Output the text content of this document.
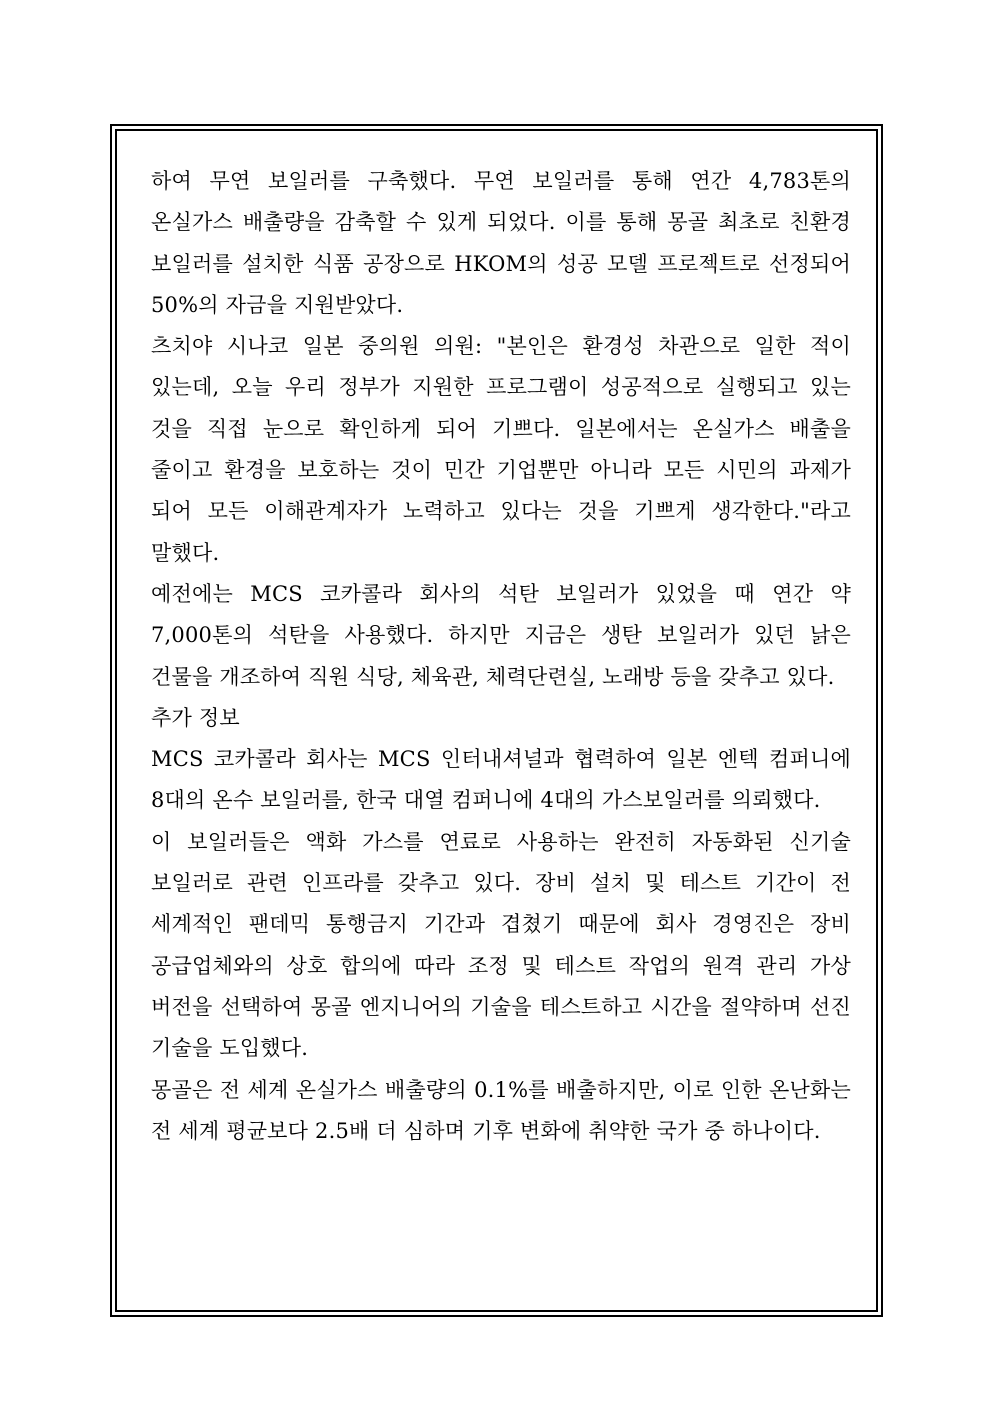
하여 무연 보일러를 구축했다. 무연 보일러를 통해 연간 4,783톤의 온실가스 배출량을 감축할 수 있게 되었다. 이를 통해 몽골 최초로 친환경 보일러를 설치한 식품 공장으로 HKOM의 성공 모델 프로젝트로 선정되어 50%의 자금을 지원받았다.

츠치야 시나코 일본 중의원 의원: "본인은 환경성 차관으로 일한 적이 있는데, 오늘 우리 정부가 지원한 프로그램이 성공적으로 실행되고 있는 것을 직접 눈으로 확인하게 되어 기쁘다. 일본에서는 온실가스 배출을 줄이고 환경을 보호하는 것이 민간 기업뿐만 아니라 모든 시민의 과제가 되어 모든 이해관계자가 노력하고 있다는 것을 기쁘게 생각한다."라고 말했다.

예전에는 MCS 코카콜라 회사의 석탄 보일러가 있었을 때 연간 약 7,000톤의 석탄을 사용했다. 하지만 지금은 생탄 보일러가 있던 낡은 건물을 개조하여 직원 식당, 체육관, 체력단련실, 노래방 등을 갖추고 있다.

추가 정보

MCS 코카콜라 회사는 MCS 인터내셔널과 협력하여 일본 엔텍 컴퍼니에 8대의 온수 보일러를, 한국 대열 컴퍼니에 4대의 가스보일러를 의뢰했다.

이 보일러들은 액화 가스를 연료로 사용하는 완전히 자동화된 신기술 보일러로 관련 인프라를 갖추고 있다. 장비 설치 및 테스트 기간이 전 세계적인 팬데믹 통행금지 기간과 겹쳤기 때문에 회사 경영진은 장비 공급업체와의 상호 합의에 따라 조정 및 테스트 작업의 원격 관리 가상 버전을 선택하여 몽골 엔지니어의 기술을 테스트하고 시간을 절약하며 선진 기술을 도입했다.

몽골은 전 세계 온실가스 배출량의 0.1%를 배출하지만, 이로 인한 온난화는 전 세계 평균보다 2.5배 더 심하며 기후 변화에 취약한 국가 중 하나이다.
